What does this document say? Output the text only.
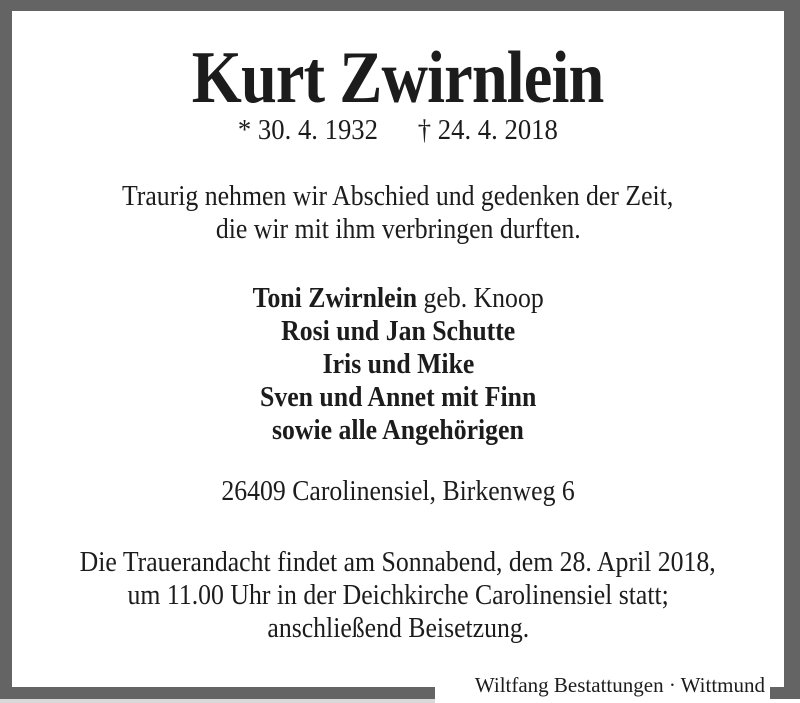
Kurt Zwirnlein
* 30. 4. 1932 † 24. 4. 2018
Traurig nehmen wir Abschied und gedenken der Zeit,
die wir mit ihm verbringen durften.
Toni Zwirnlein geb. Knoop
Rosi und Jan Schutte
Iris und Mike
Sven und Annet mit Finn
sowie alle Angehörigen
26409 Carolinensiel, Birkenweg 6
Die Trauerandacht findet am Sonnabend, dem 28. April 2018,
um 11.00 Uhr in der Deichkirche Carolinensiel statt;
anschließend Beisetzung.
Wiltfang Bestattungen · Wittmund
